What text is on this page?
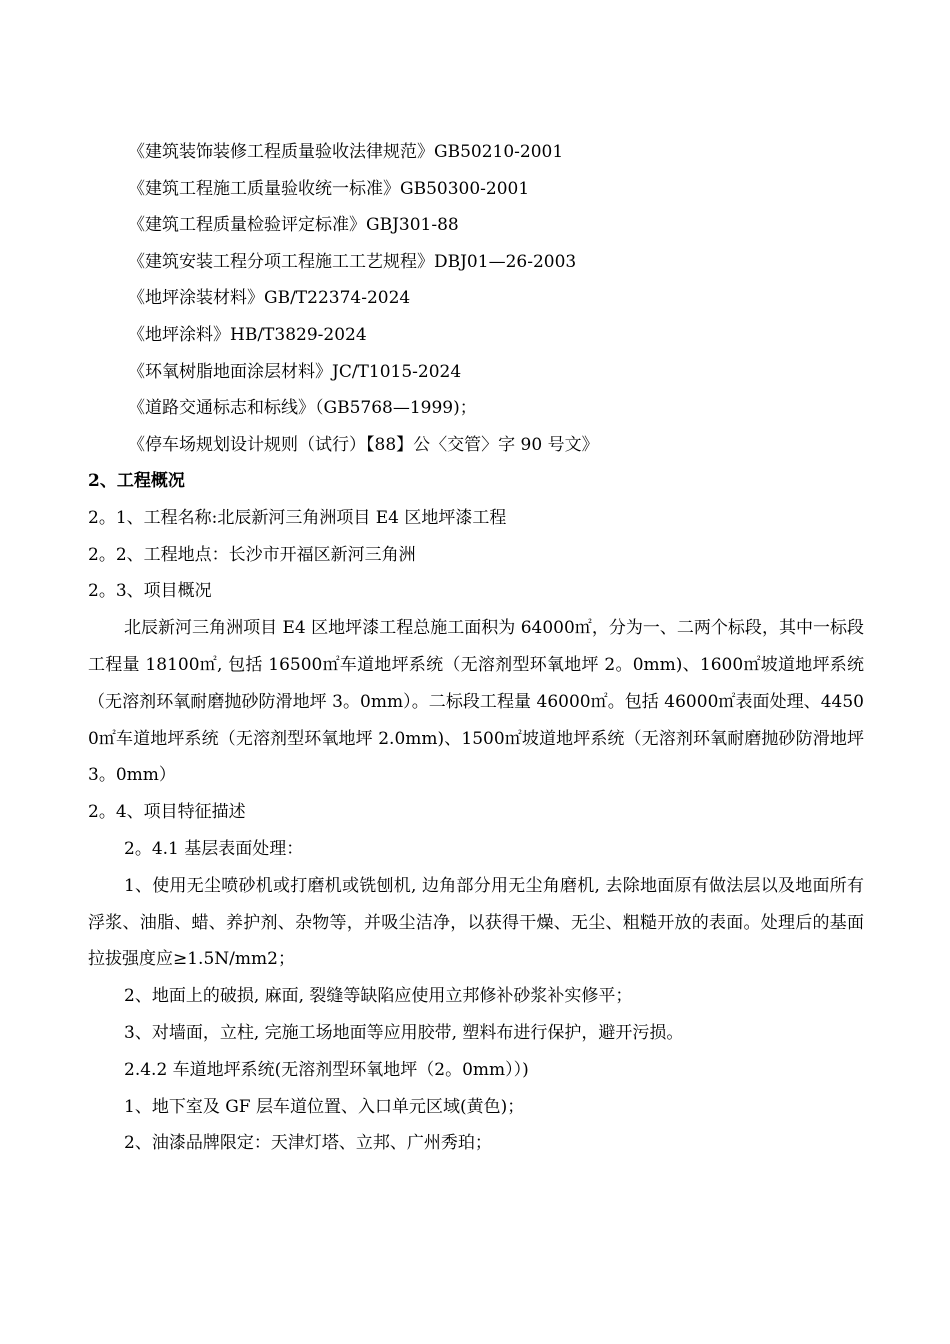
《建筑装饰装修工程质量验收法律规范》GB50210-2001
《建筑工程施工质量验收统一标准》GB50300-2001
《建筑工程质量检验评定标准》GBJ301-88
《建筑安装工程分项工程施工工艺规程》DBJ01—26-2003
《地坪涂装材料》GB/T22374-2024
《地坪涂料》HB/T3829-2024
《环氧树脂地面涂层材料》JC/T1015-2024
《道路交通标志和标线》（GB5768—1999)；
《停车场规划设计规则（试行）【88】公〈交管〉字 90 号文》
2、工程概况
2。1、工程名称:北辰新河三角洲项目 E4 区地坪漆工程
2。2、工程地点：长沙市开福区新河三角洲
2。3、项目概况
北辰新河三角洲项目 E4 区地坪漆工程总施工面积为 64000㎡，分为一、二两个标段，其中一标段工程量 18100㎡, 包括 16500㎡车道地坪系统（无溶剂型环氧地坪 2。0mm)、1600㎡坡道地坪系统（无溶剂环氧耐磨抛砂防滑地坪 3。0mm）。二标段工程量 46000㎡。包括 46000㎡表面处理、44500㎡车道地坪系统（无溶剂型环氧地坪 2.0mm)、1500㎡坡道地坪系统（无溶剂环氧耐磨抛砂防滑地坪 3。0mm）
2。4、项目特征描述
2。4.1 基层表面处理：
1、使用无尘喷砂机或打磨机或铣刨机, 边角部分用无尘角磨机, 去除地面原有做法层以及地面所有浮浆、油脂、蜡、养护剂、杂物等，并吸尘洁净，以获得干燥、无尘、粗糙开放的表面。处理后的基面拉拔强度应≥1.5N/mm2；
2、地面上的破损, 麻面, 裂缝等缺陷应使用立邦修补砂浆补实修平；
3、对墙面，立柱, 完施工场地面等应用胶带, 塑料布进行保护，避开污损。
2.4.2 车道地坪系统(无溶剂型环氧地坪（2。0mm））)
1、地下室及 GF 层车道位置、入口单元区域(黄色)；
2、油漆品牌限定：天津灯塔、立邦、广州秀珀；
